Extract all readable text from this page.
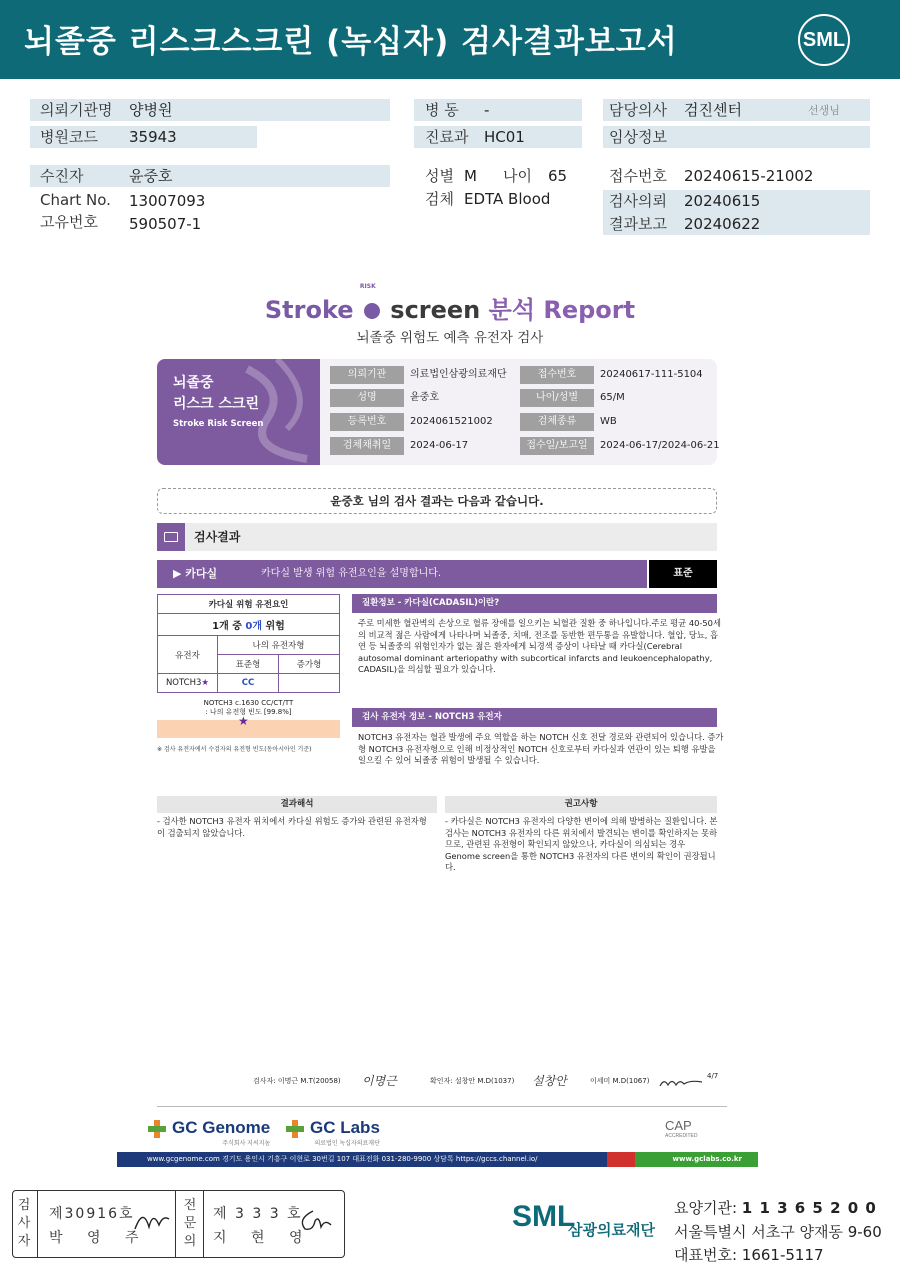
뇌졸중 리스크스크린 (녹십자) 검사결과보고서	SML
의뢰기관명 양병원
병원코드 35943
병 동 -
진료과 HC01
담당의사 검진센터	선생님
임상정보
수진자	윤중호
Chart No. 13007093
고유번호 590507-1
성별 M 나이 65
검체 EDTA Blood
접수번호 20240615-21002
검사의뢰 20240615
결과보고 20240622
Stroke
RISK
screen 분석 Report
뇌졸중 위험도 예측 유전자 검사
뇌졸중
리스크 스크린
Stroke Risk Screen
의뢰기관	의료법인삼광의료재단	접수번호	20240617-111-5104
성명	윤중호	나이/성별	65/M
등록번호	2024061521002	검체종류	WB
검체채취일	2024-06-17	접수일/보고일	2024-06-17/2024-06-21
윤중호 님의 검사 결과는 다음과 같습니다.
검사결과
▶ 카다실	카다실 발생 위험 유전요인을 설명합니다.	표준
카다실 위험 유전요인		
1개 중 0개 위험		
유전자	나의 유전자형	
	표준형	증가형
NOTCH3★	CC	
NOTCH3 c.1630 CC/CT/TT
: 나의 유전형 빈도 [99.8%]
★
※ 검사 유전자에서 수검자의 유전형 빈도(동아시아인 기준)
질환정보 - 카다실(CADASIL)이란?
주로 미세한 혈관벽의 손상으로 혈류 장애를 일으키는 뇌혈관 질환 중 하나입니다.주로 평균 40-50세의 비교적 젊은 사람에게 나타나며 뇌졸중, 치매, 전조를 동반한 편두통을 유발합니다. 혈압, 당뇨, 흡연 등 뇌졸중의 위험인자가 없는 젊은 환자에게 뇌경색 증상이 나타날 때 카다실(Cerebral autosomal dominant arteriopathy with subcortical infarcts and leukoencephalopathy, CADASIL)을 의심할 필요가 있습니다.
검사 유전자 정보 - NOTCH3 유전자
NOTCH3 유전자는 혈관 발생에 주요 역할을 하는 NOTCH 신호 전달 경로와 관련되어 있습니다. 증가형 NOTCH3 유전자형으로 인해 비정상적인 NOTCH 신호로부터 카다실과 연관이 있는 퇴행 유발을 일으킬 수 있어 뇌졸중 위험이 발생될 수 있습니다.
결과해석
- 검사한 NOTCH3 유전자 위치에서 카다실 위험도 증가와 관련된 유전자형이 검출되지 않았습니다.
권고사항
- 카다실은 NOTCH3 유전자의 다양한 변이에 의해 발병하는 질환입니다. 본 검사는 NOTCH3 유전자의 다른 위치에서 발견되는 변이를 확인하지는 못하므로, 관련된 유전형이 확인되지 않았으나, 카다실이 의심되는 경우 Genome screen을 통한 NOTCH3 유전자의 다른 변이의 확인이 권장됩니다.
검사자: 이명근 M.T(20058) 이명근	확인자: 설창안 M.D(1037) 설창안	이세미 M.D(1067)
4/7
GC Genome
주식회사 지씨지놈
GC Labs
의료법인 녹십자의료재단
CAP
ACCREDITED
www.gcgenome.com 경기도 용인시 기흥구 이현로 30번길 107 대표전화 031-280-9900 상담톡 https://gccs.channel.io/	www.gclabs.co.kr
검사자
제30916호
박 영 주
전문의
제 3 3 3 호
지 현 영
SML
삼광의료재단
요양기관: 1 1 3 6 5 2 0 0
서울특별시 서초구 양재동 9-60
대표번호: 1661-5117
